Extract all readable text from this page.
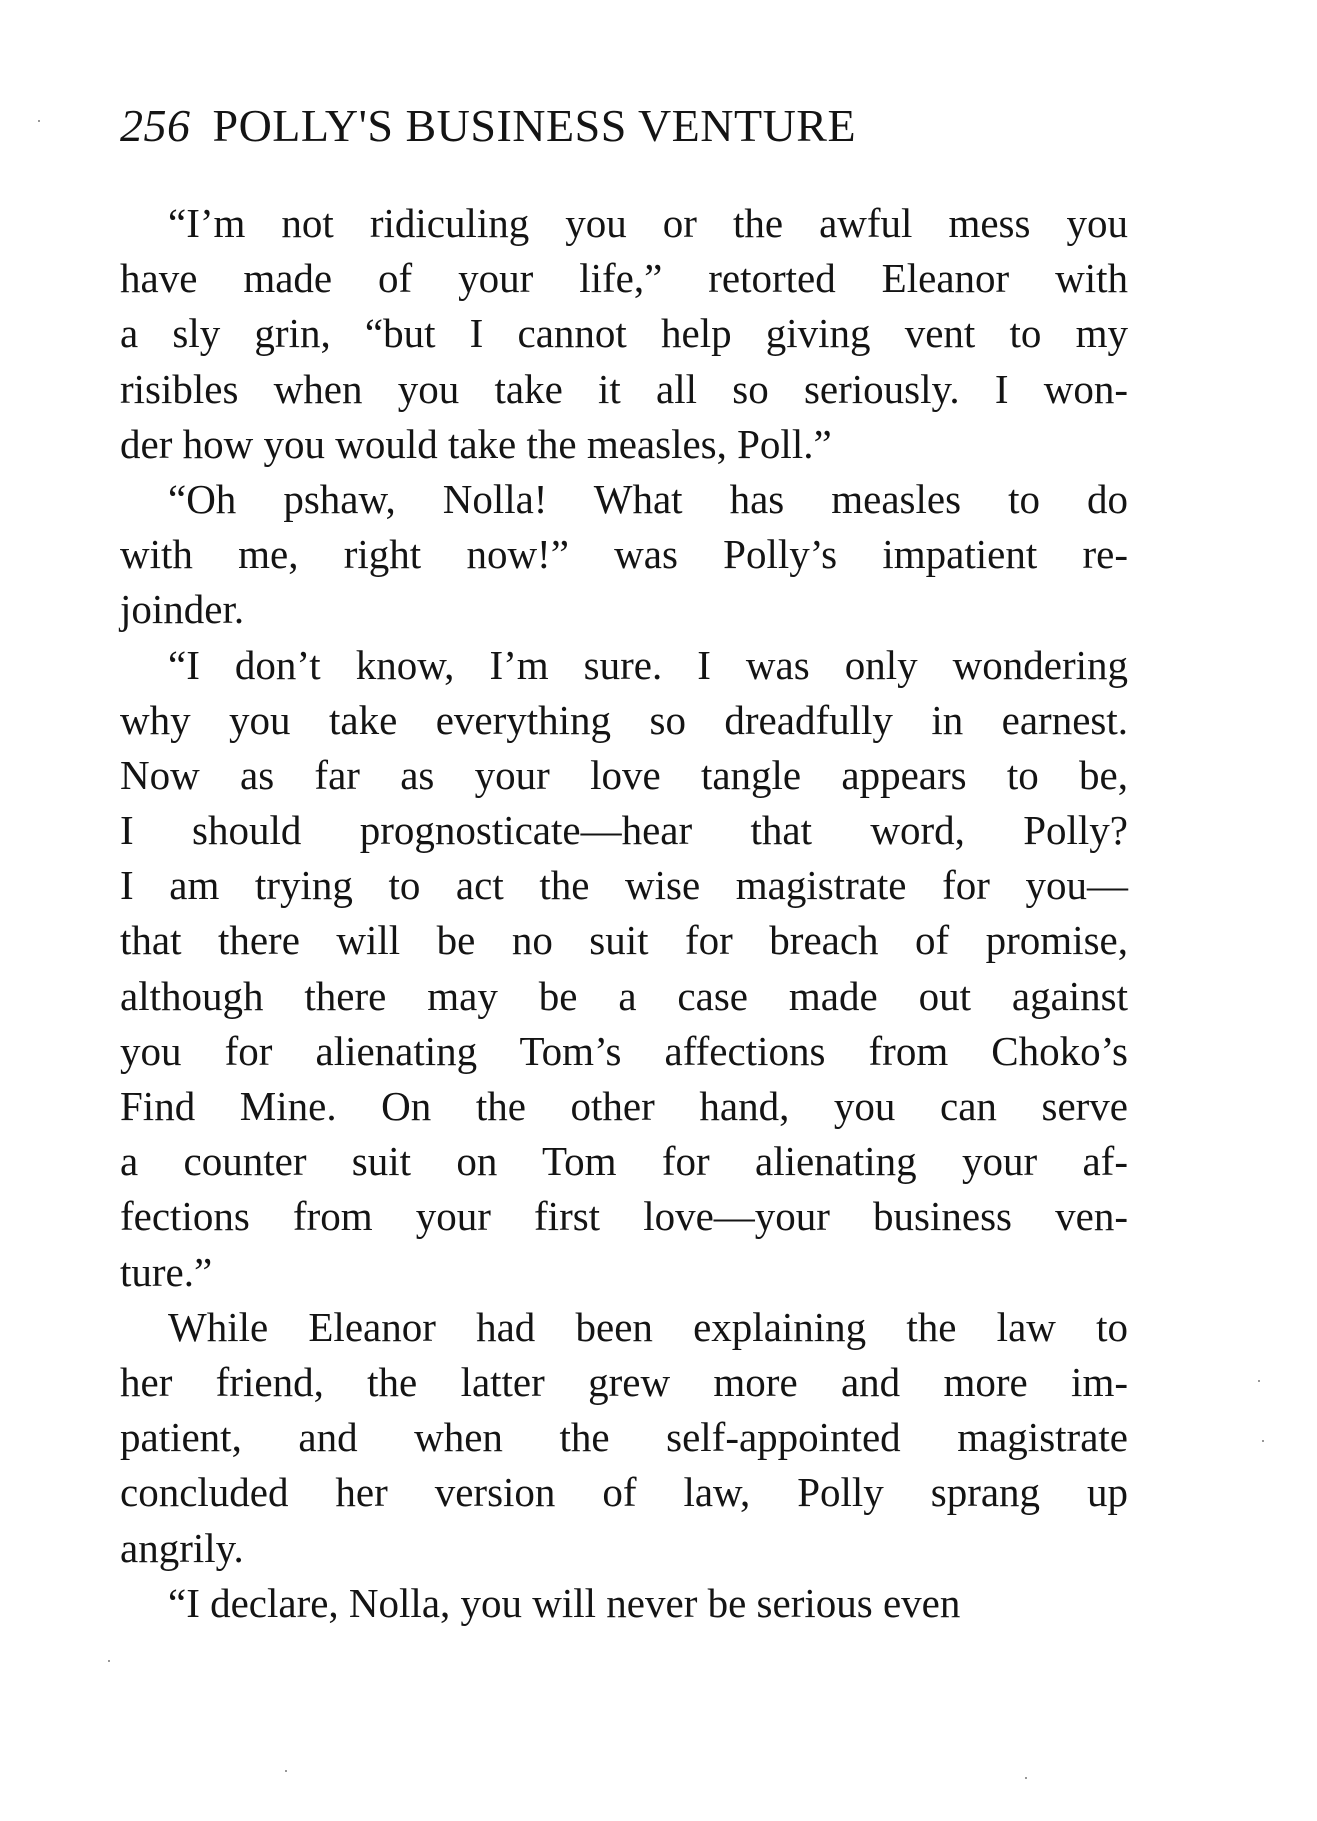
256 POLLY'S BUSINESS VENTURE
“I’m not ridiculing you or the awful mess you
have made of your life,” retorted Eleanor with
a sly grin, “but I cannot help giving vent to my
risibles when you take it all so seriously. I won-
der how you would take the measles, Poll.”
“Oh pshaw, Nolla! What has measles to do
with me, right now!” was Polly’s impatient re-
joinder.
“I don’t know, I’m sure. I was only wondering
why you take everything so dreadfully in earnest.
Now as far as your love tangle appears to be,
I should prognosticate—hear that word, Polly?
I am trying to act the wise magistrate for you—
that there will be no suit for breach of promise,
although there may be a case made out against
you for alienating Tom’s affections from Choko’s
Find Mine. On the other hand, you can serve
a counter suit on Tom for alienating your af-
fections from your first love—your business ven-
ture.”
While Eleanor had been explaining the law to
her friend, the latter grew more and more im-
patient, and when the self-appointed magistrate
concluded her version of law, Polly sprang up
angrily.
“I declare, Nolla, you will never be serious even
